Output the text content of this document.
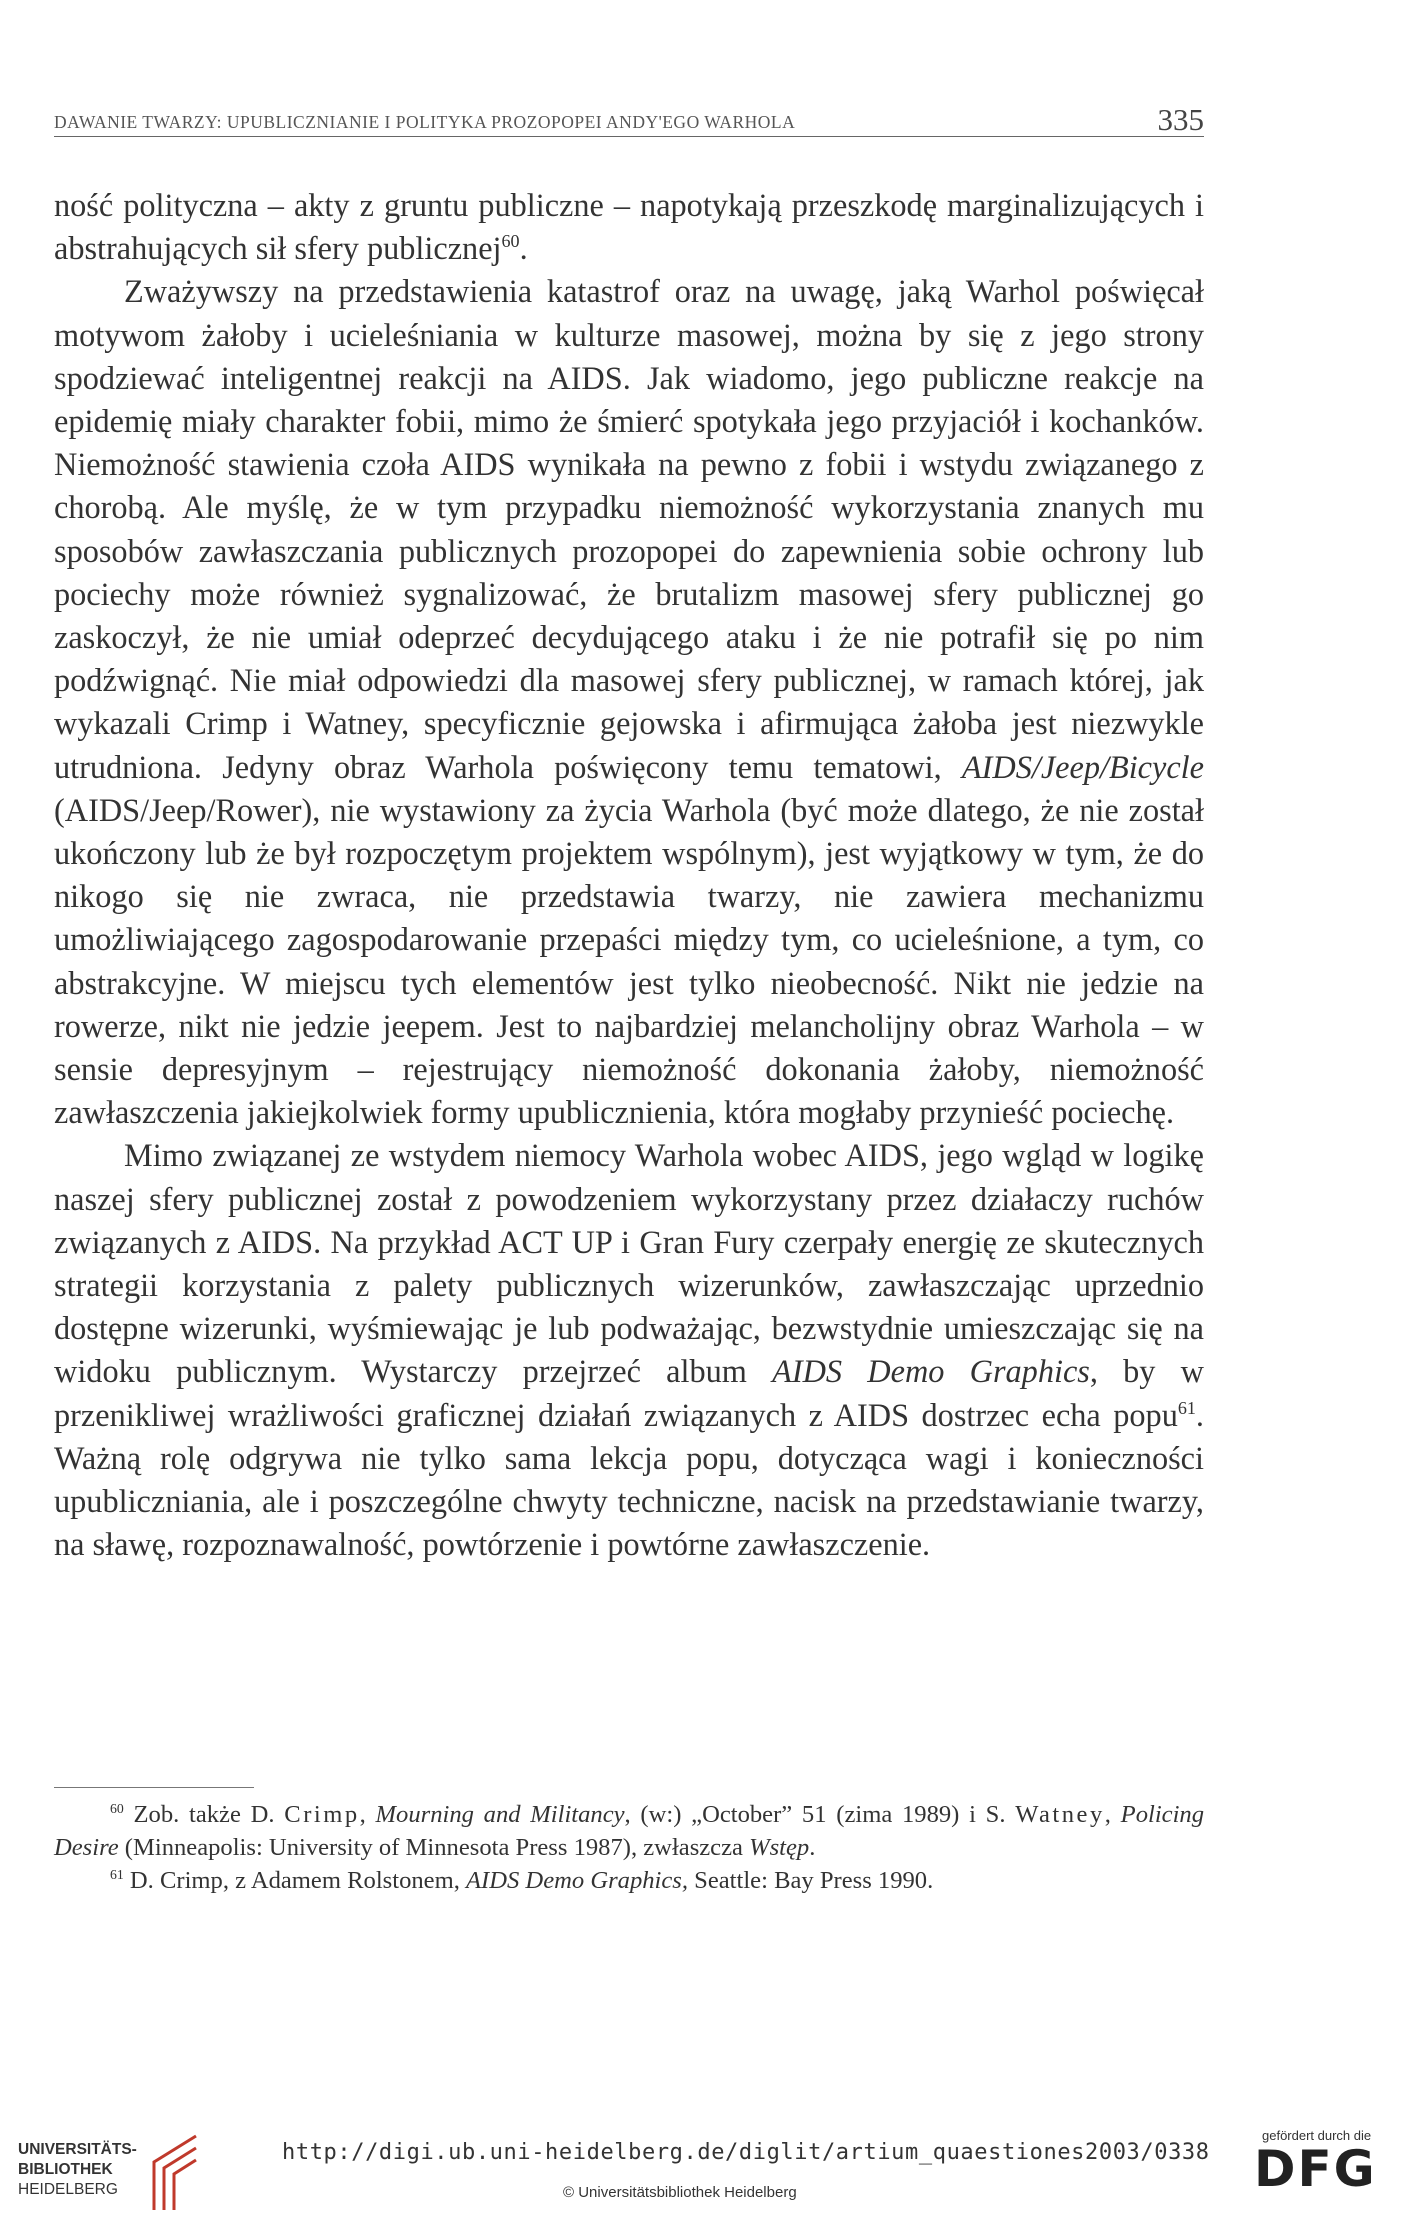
DAWANIE TWARZY: UPUBLICZNIANIE I POLITYKA PROZOPOPEI ANDY'EGO WARHOLA	335

ność polityczna – akty z gruntu publiczne – napotykają przeszkodę marginalizujących i abstrahujących sił sfery publicznej$^{60}$.

Zważywszy na przedstawienia katastrof oraz na uwagę, jaką Warhol poświęcał motywom żałoby i ucieleśniania w kulturze masowej, można by się z jego strony spodziewać inteligentnej reakcji na AIDS. Jak wiadomo, jego publiczne reakcje na epidemię miały charakter fobii, mimo że śmierć spotykała jego przyjaciół i kochanków. Niemożność stawienia czoła AIDS wynikała na pewno z fobii i wstydu związanego z chorobą. Ale myślę, że w tym przypadku niemożność wykorzystania znanych mu sposobów zawłaszczania publicznych prozopopei do zapewnienia sobie ochrony lub pociechy może również sygnalizować, że brutalizm masowej sfery publicznej go zaskoczył, że nie umiał odeprzeć decydującego ataku i że nie potrafił się po nim podźwignąć. Nie miał odpowiedzi dla masowej sfery publicznej, w ramach której, jak wykazali Crimp i Watney, specyficznie gejowska i afirmująca żałoba jest niezwykle utrudniona. Jedyny obraz Warhola poświęcony temu tematowi, AIDS/Jeep/Bicycle (AIDS/Jeep/Rower), nie wystawiony za życia Warhola (być może dlatego, że nie został ukończony lub że był rozpoczętym projektem wspólnym), jest wyjątkowy w tym, że do nikogo się nie zwraca, nie przedstawia twarzy, nie zawiera mechanizmu umożliwiającego zagospodarowanie przepaści między tym, co ucieleśnione, a tym, co abstrakcyjne. W miejscu tych elementów jest tylko nieobecność. Nikt nie jedzie na rowerze, nikt nie jedzie jeepem. Jest to najbardziej melancholijny obraz Warhola – w sensie depresyjnym – rejestrujący niemożność dokonania żałoby, niemożność zawłaszczenia jakiejkolwiek formy upublicznienia, która mogłaby przynieść pociechę.

Mimo związanej ze wstydem niemocy Warhola wobec AIDS, jego wgląd w logikę naszej sfery publicznej został z powodzeniem wykorzystany przez działaczy ruchów związanych z AIDS. Na przykład ACT UP i Gran Fury czerpały energię ze skutecznych strategii korzystania z palety publicznych wizerunków, zawłaszczając uprzednio dostępne wizerunki, wyśmiewając je lub podważając, bezwstydnie umieszczając się na widoku publicznym. Wystarczy przejrzeć album AIDS Demo Graphics, by w przenikliwej wrażliwości graficznej działań związanych z AIDS dostrzec echa popu$^{61}$. Ważną rolę odgrywa nie tylko sama lekcja popu, dotycząca wagi i konieczności upubliczniania, ale i poszczególne chwyty techniczne, nacisk na przedstawianie twarzy, na sławę, rozpoznawalność, powtórzenie i powtórne zawłaszczenie.

$^{60}$ Zob. także D. Crimp, Mourning and Militancy, (w:) „October” 51 (zima 1989) i S. Watney, Policing Desire (Minneapolis: University of Minnesota Press 1987), zwłaszcza Wstęp.

$^{61}$ D. Crimp, z Adamem Rolstonem, AIDS Demo Graphics, Seattle: Bay Press 1990.

UNIVERSITÄTS-
BIBLIOTHEK
HEIDELBERG
http://digi.ub.uni-heidelberg.de/diglit/artium_quaestiones2003/0338
© Universitätsbibliothek Heidelberg
gefördert durch die
DFG
